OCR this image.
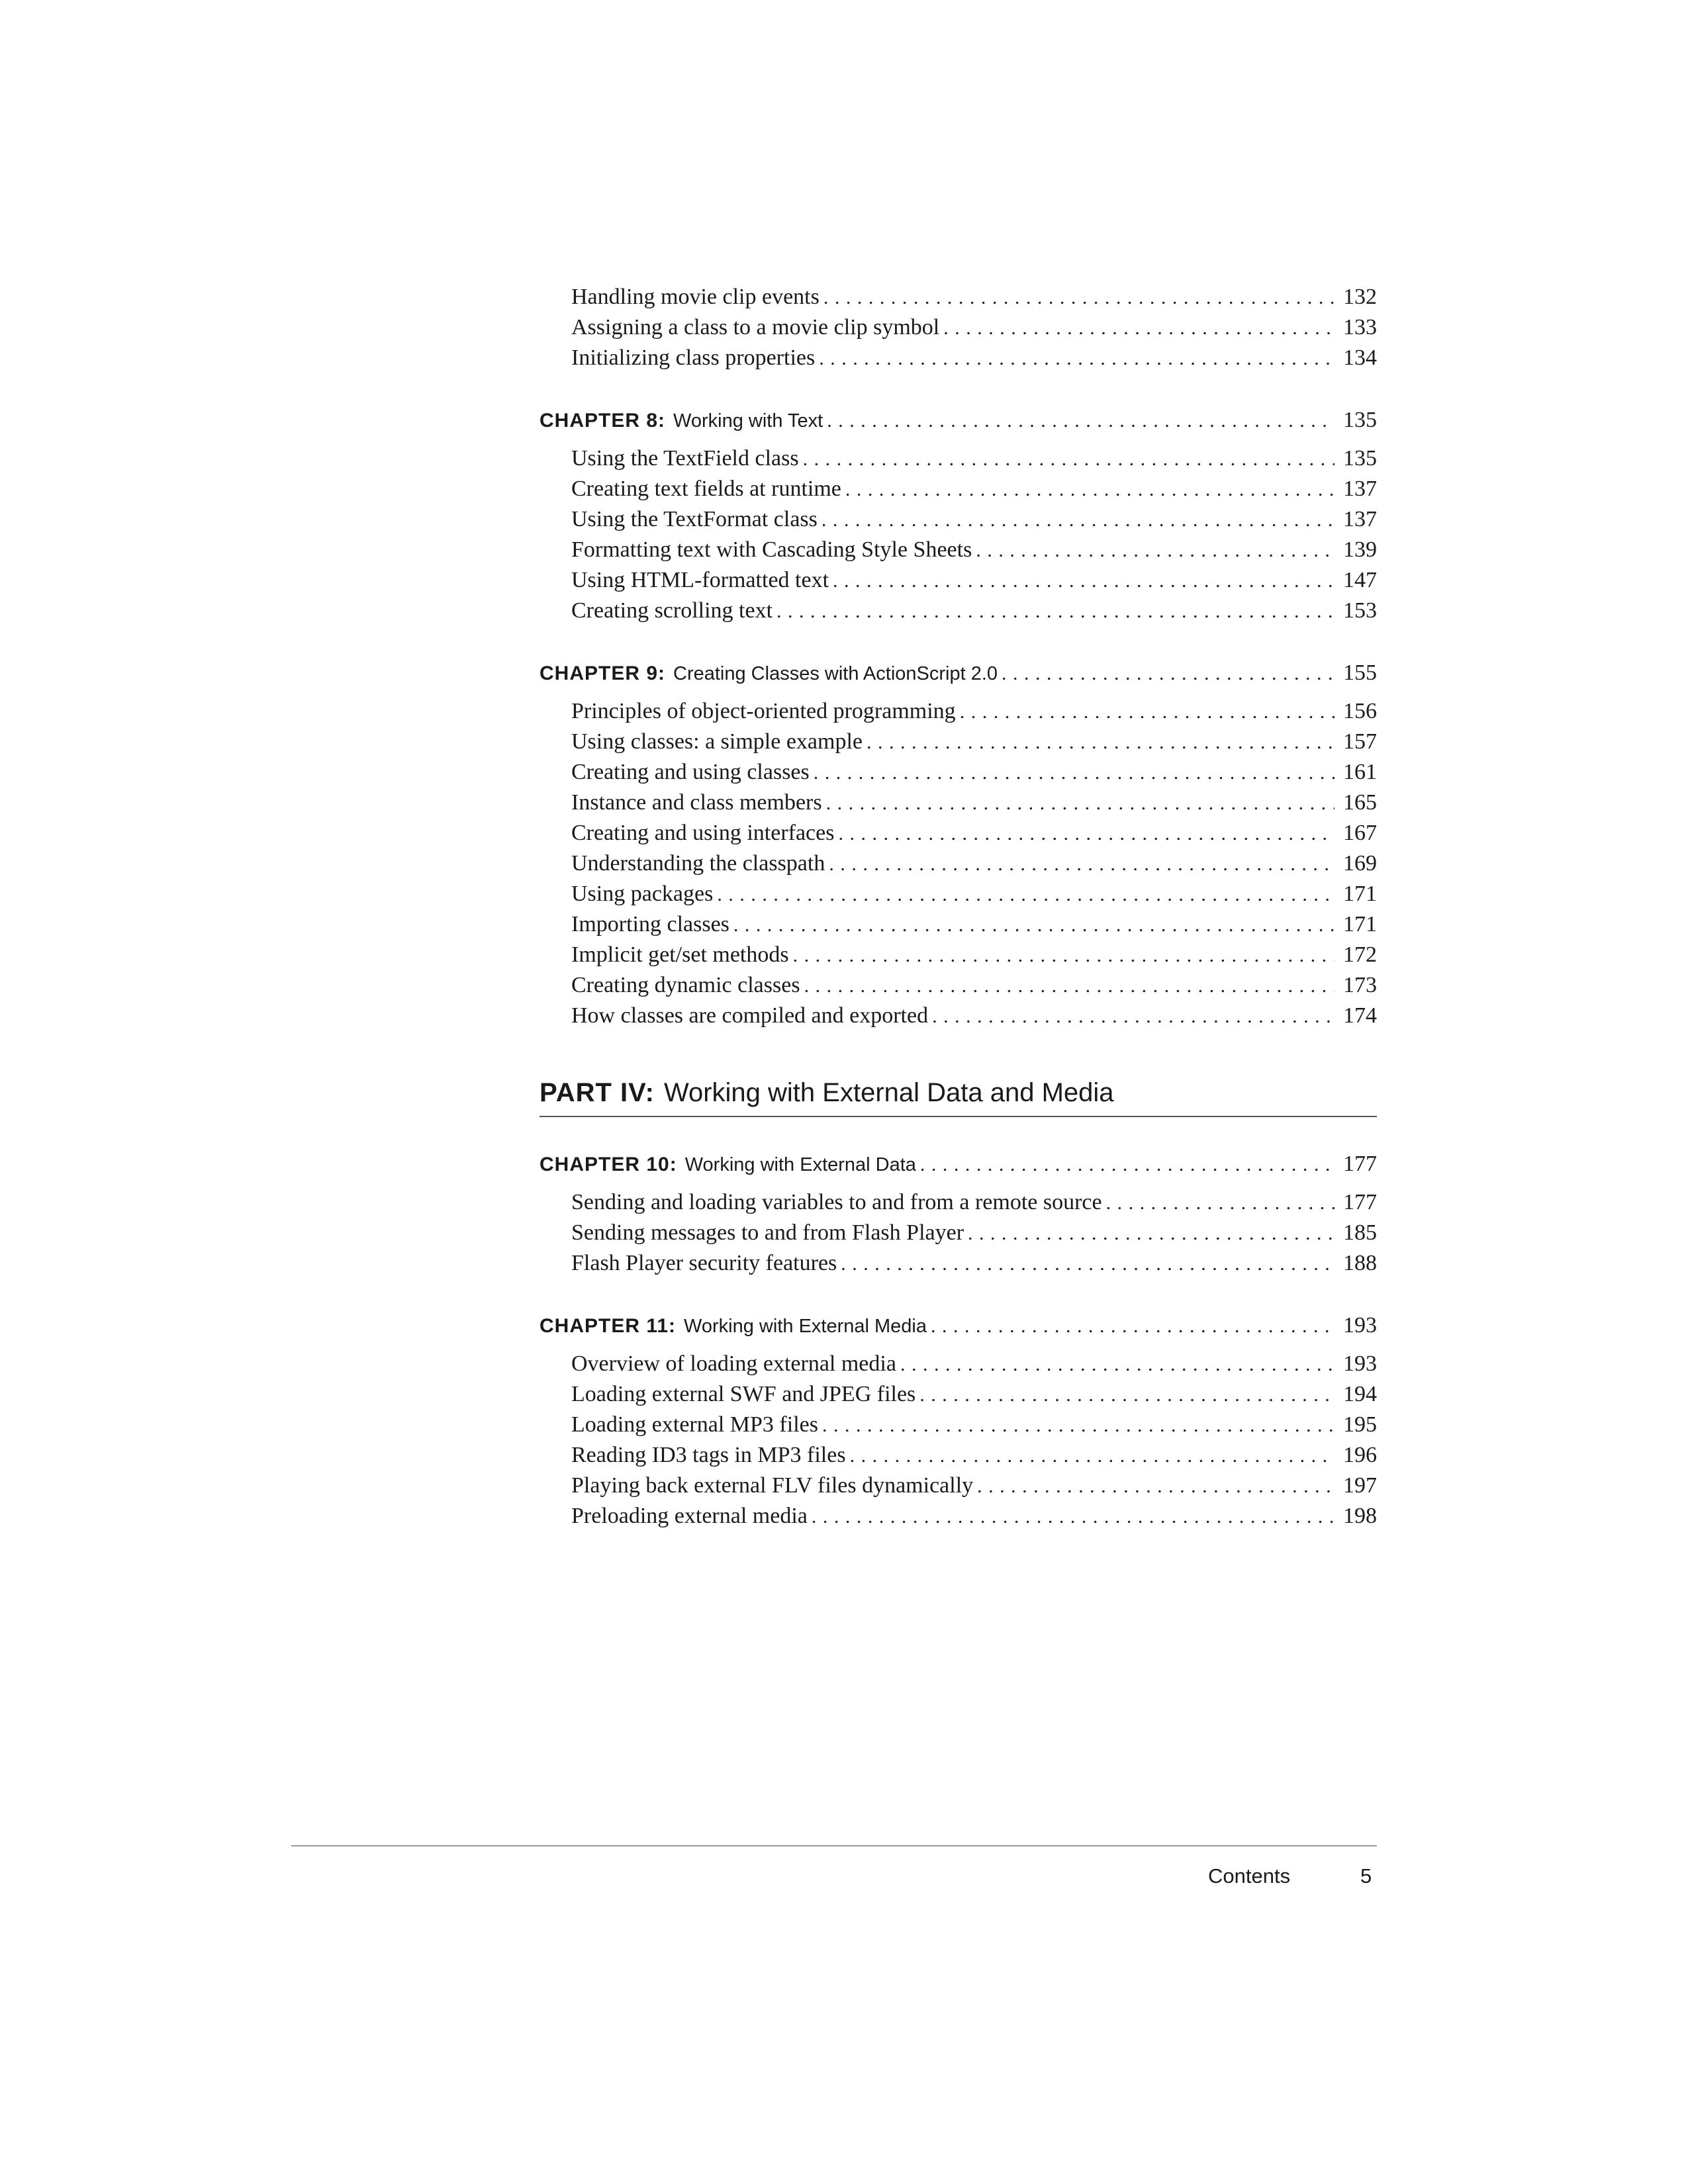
Handling movie clip events . . .	132
Assigning a class to a movie clip symbol . . .	133
Initializing class properties . . .	134
CHAPTER 8: Working with Text . . .	135
Using the TextField class . . .	135
Creating text fields at runtime . . .	137
Using the TextFormat class . . .	137
Formatting text with Cascading Style Sheets . . .	139
Using HTML-formatted text . . .	147
Creating scrolling text . . .	153
CHAPTER 9: Creating Classes with ActionScript 2.0 . . .	155
Principles of object-oriented programming . . .	156
Using classes: a simple example . . .	157
Creating and using classes . . .	161
Instance and class members . . .	165
Creating and using interfaces . . .	167
Understanding the classpath . . .	169
Using packages . . .	171
Importing classes . . .	171
Implicit get/set methods . . .	172
Creating dynamic classes . . .	173
How classes are compiled and exported . . .	174
PART IV: Working with External Data and Media
CHAPTER 10: Working with External Data . . .	177
Sending and loading variables to and from a remote source . . .	177
Sending messages to and from Flash Player . . .	185
Flash Player security features . . .	188
CHAPTER 11: Working with External Media . . .	193
Overview of loading external media . . .	193
Loading external SWF and JPEG files . . .	194
Loading external MP3 files . . .	195
Reading ID3 tags in MP3 files . . .	196
Playing back external FLV files dynamically . . .	197
Preloading external media . . .	198
Contents	5
